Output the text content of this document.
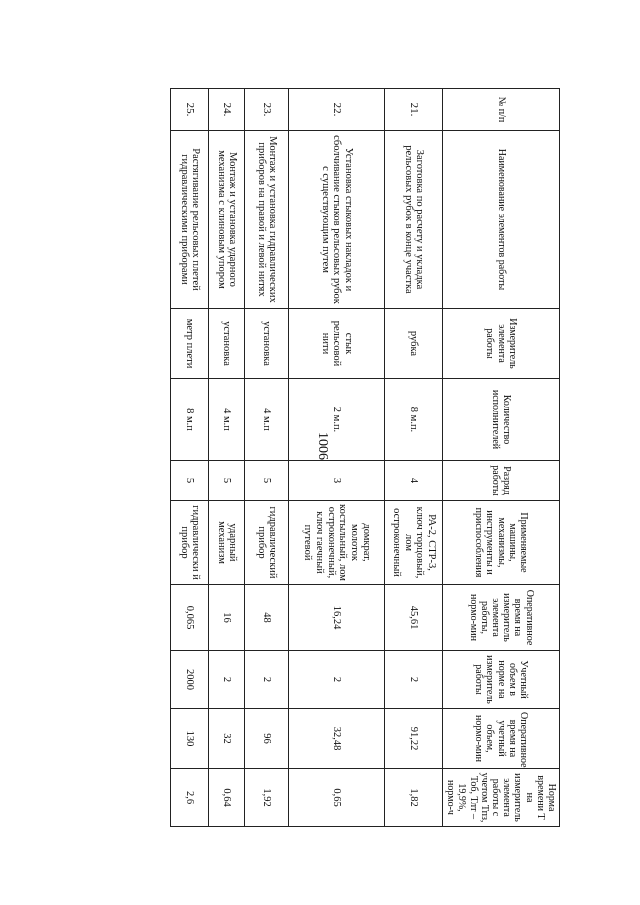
1006
№ п/п	Наименование элементов работы	Измеритель элемента работы	Количество исполнителей	Разряд работы	Применяемые машины, механизмы, инструменты и приспособления	Оперативное время на измеритель элемента работы, нормо-мин	Учетный объем в норме на измеритель работы	Оперативное время на учетный объем, нормо-мин	Норма времени Т на измеритель элемента работы с учетом Тпз, Тоб, Тлт – 19,9%, нормо-ч
21.	Заготовка по расчету и укладка рельсовых рубок в конце участка	рубка	8 м.п.	4	РА-2, СТР-3, ключ торцовый, лом остроконечный	45,61	2	91,22	1,82
22.	Установка стыковых накладок и сболчивание стыков рельсовых рубок с существующим путем	стык рельсовой нити	2 м.п.	3	домкрат, молоток костыльный, лом остроконечный, ключ гаечный путевой	16,24	2	32,48	0,65
23.	Монтаж и установка гидравлических приборов на правой и левой нитях	установка	4 м.п	5	гидравлический прибор	48	2	96	1,92
24.	Монтаж и установка ударного механизма с клиновым упором	установка	4 м.п	5	ударный механизм	16	2	32	0,64
25.	Растягивание рельсовых плетей гидравлическими приборами	метр плети	8 м.п	5	гидравлически й прибор	0,065	2000	130	2,6
